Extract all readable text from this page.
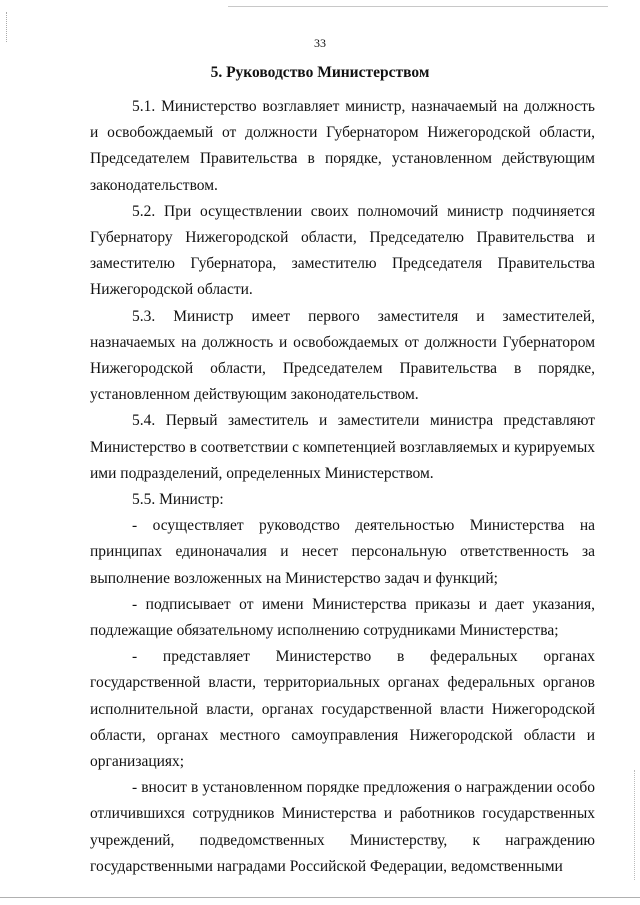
33
5. Руководство Министерством

5.1. Министерство возглавляет министр, назначаемый на должность и освобождаемый от должности Губернатором Нижегородской области, Председателем Правительства в порядке, установленном действующим законодательством.

5.2. При осуществлении своих полномочий министр подчиняется Губернатору Нижегородской области, Председателю Правительства и заместителю Губернатора, заместителю Председателя Правительства Нижегородской области.

5.3. Министр имеет первого заместителя и заместителей, назначаемых на должность и освобождаемых от должности Губернатором Нижегородской области, Председателем Правительства в порядке, установленном действующим законодательством.

5.4. Первый заместитель и заместители министра представляют Министерство в соответствии с компетенцией возглавляемых и курируемых ими подразделений, определенных Министерством.

5.5. Министр:

- осуществляет руководство деятельностью Министерства на принципах единоначалия и несет персональную ответственность за выполнение возложенных на Министерство задач и функций;

- подписывает от имени Министерства приказы и дает указания, подлежащие обязательному исполнению сотрудниками Министерства;

- представляет Министерство в федеральных органах государственной власти, территориальных органах федеральных органов исполнительной власти, органах государственной власти Нижегородской области, органах местного самоуправления Нижегородской области и организациях;

- вносит в установленном порядке предложения о награждении особо отличившихся сотрудников Министерства и работников государственных учреждений, подведомственных Министерству, к награждению государственными наградами Российской Федерации, ведомственными
